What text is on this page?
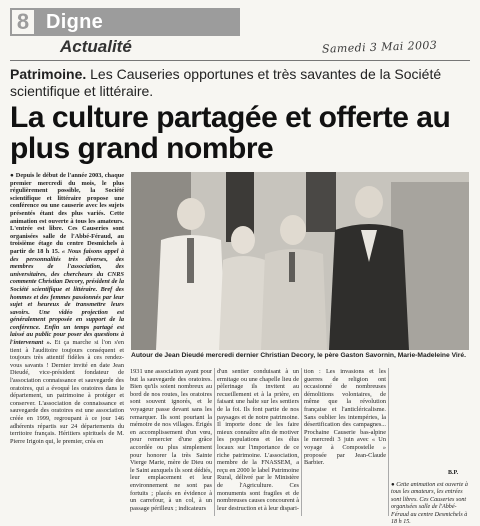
8 Digne
Actualité	Samedi 3 Mai 2003
Patrimoine. Les Causeries opportunes et très savantes de la Société scientifique et littéraire.
La culture partagée et offerte au plus grand nombre

● Depuis le début de l'année 2003, chaque premier mercredi du mois, le plus régulièrement possible, la Société scientifique et littéraire propose une conférence ou une causerie avec les sujets présentés étant des plus variés. Cette animation est ouverte à tous les amateurs. L'entrée est libre. Ces Causeries sont organisées salle de l'Abbé-Féraud, au troisième étage du centre Desmichels à partir de 18 h 15. « Nous faisons appel à des personnalités très diverses, des membres de l'association, des universitaires, des chercheurs du CNRS commente Christian Decory, président de la Société scientifique et littéraire. Bref des hommes et des femmes passionnés par leur sujet et heureux de transmettre leurs savoirs. Une vidéo projection est généralement proposée en support de la conférence. Enfin un temps partagé est laissé au public pour poser des questions à l'intervenant ». Et ça marche si l'on s'en tient à l'auditoire toujours conséquent et toujours très attentif fidèles à ces rendez-vous savants ! Dernier invité en date Jean Dieudé, vice-président fondateur de l'association connaissance et sauvegarde des oratoires, qui a évoqué les oratoires dans le département, un patrimoine à protéger et conserver. L'association de connaissance et sauvegarde des oratoires est une association créée en 1999, regroupant à ce jour 146 adhérents répartis sur 24 départements du territoire français. Héritiers spirituels de M. Pierre Irigoin qui, le premier, créa en

Autour de Jean Dieudé mercredi dernier Christian Decory, le père Gaston Savornin, Marie-Madeleine Viré.

1931 une association ayant pour but la sauvegarde des oratoires. Bien qu'ils soient nombreux au bord de nos routes, les oratoires sont souvent ignorés, et le voyageur passe devant sans les remarquer. Ils sont pourtant la mémoire de nos villages. Érigés en accomplissement d'un vœu, pour remercier d'une grâce accordée ou plus simplement pour honorer la très Sainte Vierge Marie, mère de Dieu ou le Saint auxquels ils sont dédiés, leur emplacement et leur environnement ne sont pas fortuits ; placés en évidence à un carrefour, à un col, à un passage périlleux ; indicateurs

d'un sentier conduisant à un ermitage ou une chapelle lieu de pèlerinage ils invitent au recueillement et à la prière, en faisant une halte sur les sentiers de la foi. Ils font partie de nos paysages et de notre patrimoine. Il importe donc de les faire mieux connaître afin de motiver les populations et les élus locaux sur l'importance de ce riche patrimoine. L'association, membre de la FNASSEM, a reçu en 2000 le label Patrimoine Rural, délivré par le Ministère de l'Agriculture. Ces monuments sont fragiles et de nombreuses causes concourent à leur destruction et à leur dispari-

tion : Les invasions et les guerres de religion ont occasionné de nombreuses démolitions volontaires, de même que la révolution française et l'anticléricalisme. Sans oublier les intempéries, la désertification des campagnes... Prochaine Causerie bas-alpine le mercredi 3 juin avec « Un voyage à Compostelle » proposée par Jean-Claude Barbier.

B.P.
● Cette animation est ouverte à tous les amateurs, les entrées sont libres. Ces Causeries sont organisées salle de l'Abbé-Féraud au centre Desmichels à 18 h 15.
